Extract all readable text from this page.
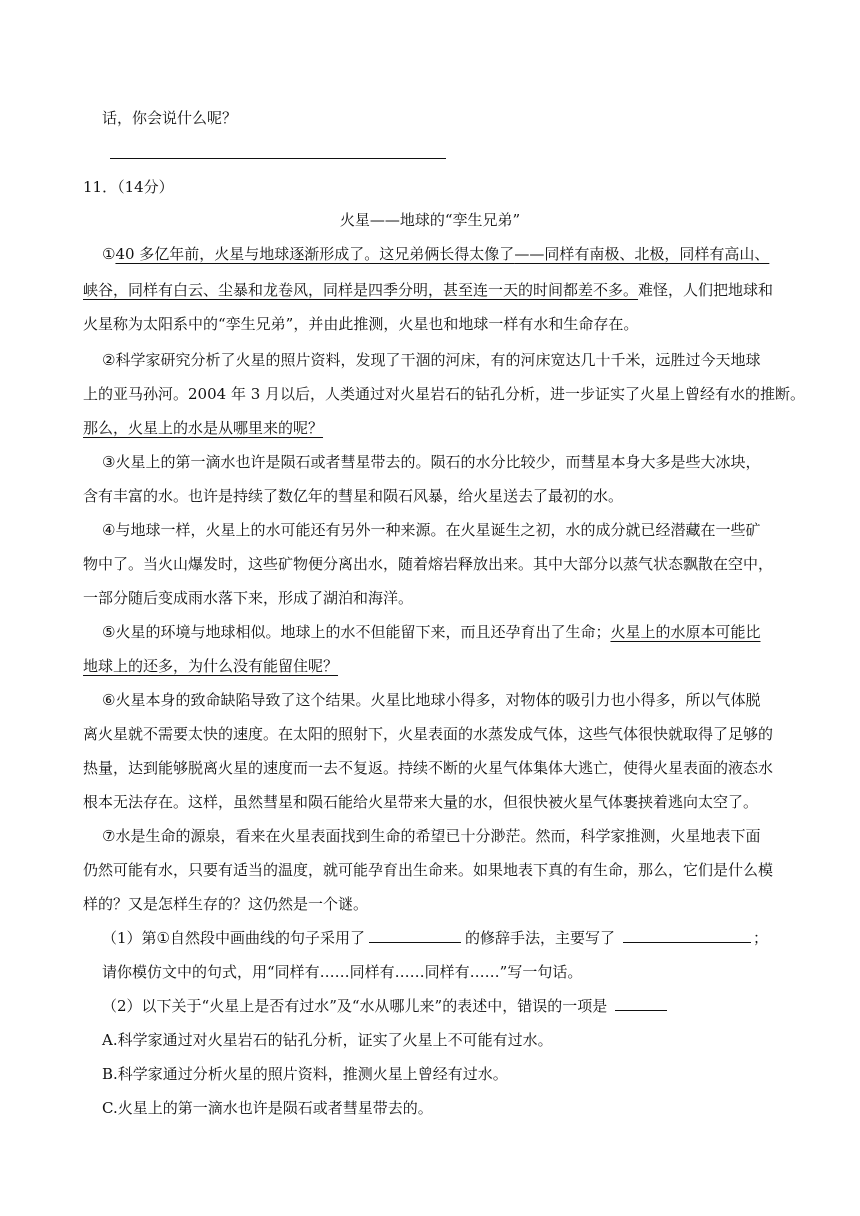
话，你会说什么呢？
11．（14分）
火星——地球的“孪生兄弟”
①40 多亿年前，火星与地球逐渐形成了。这兄弟俩长得太像了——同样有南极、北极，同样有高山、
峡谷，同样有白云、尘暴和龙卷风，同样是四季分明，甚至连一天的时间都差不多。难怪，人们把地球和
火星称为太阳系中的“孪生兄弟”，并由此推测，火星也和地球一样有水和生命存在。
②科学家研究分析了火星的照片资料，发现了干涸的河床，有的河床宽达几十千米，远胜过今天地球
上的亚马孙河。2004 年 3 月以后，人类通过对火星岩石的钻孔分析，进一步证实了火星上曾经有水的推断。
那么，火星上的水是从哪里来的呢？
③火星上的第一滴水也许是陨石或者彗星带去的。陨石的水分比较少，而彗星本身大多是些大冰块，
含有丰富的水。也许是持续了数亿年的彗星和陨石风暴，给火星送去了最初的水。
④与地球一样，火星上的水可能还有另外一种来源。在火星诞生之初，水的成分就已经潜藏在一些矿
物中了。当火山爆发时，这些矿物便分离出水，随着熔岩释放出来。其中大部分以蒸气状态飘散在空中，
一部分随后变成雨水落下来，形成了湖泊和海洋。
⑤火星的环境与地球相似。地球上的水不但能留下来，而且还孕育出了生命；火星上的水原本可能比
地球上的还多，为什么没有能留住呢？
⑥火星本身的致命缺陷导致了这个结果。火星比地球小得多，对物体的吸引力也小得多，所以气体脱
离火星就不需要太快的速度。在太阳的照射下，火星表面的水蒸发成气体，这些气体很快就取得了足够的
热量，达到能够脱离火星的速度而一去不复返。持续不断的火星气体集体大逃亡，使得火星表面的液态水
根本无法存在。这样，虽然彗星和陨石能给火星带来大量的水，但很快被火星气体裹挟着逃向太空了。
⑦水是生命的源泉，看来在火星表面找到生命的希望已十分渺茫。然而，科学家推测，火星地表下面
仍然可能有水，只要有适当的温度，就可能孕育出生命来。如果地表下真的有生命，那么，它们是什么模
样的？又是怎样生存的？这仍然是一个谜。
（1）第①自然段中画曲线的句子采用了	的修辞手法，主要写了	；
请你模仿文中的句式，用“同样有……同样有……同样有……”写一句话。
（2）以下关于“火星上是否有过水”及“水从哪儿来”的表述中，错误的一项是
A.科学家通过对火星岩石的钻孔分析，证实了火星上不可能有过水。
B.科学家通过分析火星的照片资料，推测火星上曾经有过水。
C.火星上的第一滴水也许是陨石或者彗星带去的。
